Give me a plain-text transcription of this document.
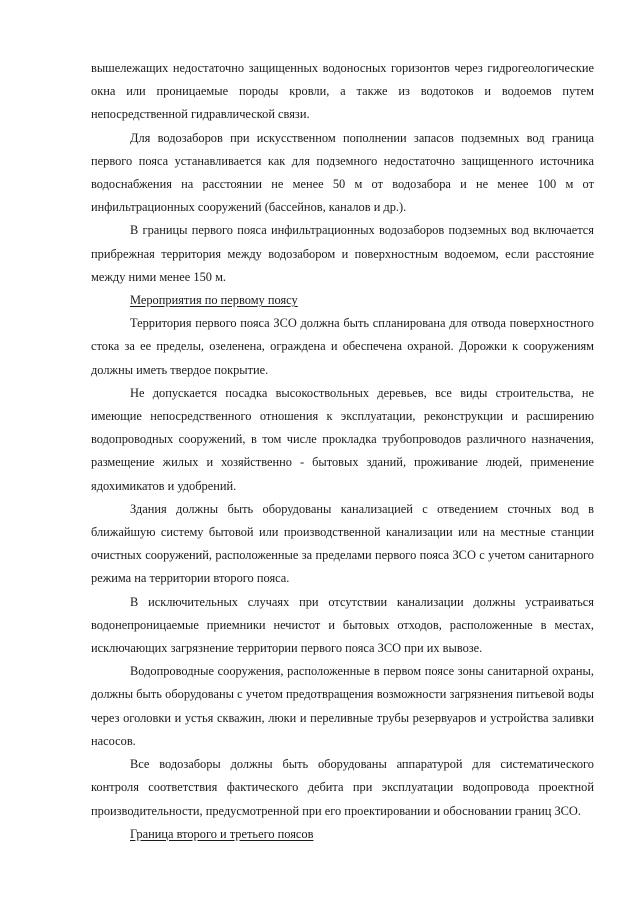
вышележащих недостаточно защищенных водоносных горизонтов через гидрогеологические окна или проницаемые породы кровли, а также из водотоков и водоемов путем непосредственной гидравлической связи.

Для водозаборов при искусственном пополнении запасов подземных вод граница первого пояса устанавливается как для подземного недостаточно защищенного источника водоснабжения на расстоянии не менее 50 м от водозабора и не менее 100 м от инфильтрационных сооружений (бассейнов, каналов и др.).

В границы первого пояса инфильтрационных водозаборов подземных вод включается прибрежная территория между водозабором и поверхностным водоемом, если расстояние между ними менее 150 м.

Мероприятия по первому поясу

Территория первого пояса ЗСО должна быть спланирована для отвода поверхностного стока за ее пределы, озеленена, ограждена и обеспечена охраной. Дорожки к сооружениям должны иметь твердое покрытие.

Не допускается посадка высокоствольных деревьев, все виды строительства, не имеющие непосредственного отношения к эксплуатации, реконструкции и расширению водопроводных сооружений, в том числе прокладка трубопроводов различного назначения, размещение жилых и хозяйственно - бытовых зданий, проживание людей, применение ядохимикатов и удобрений.

Здания должны быть оборудованы канализацией с отведением сточных вод в ближайшую систему бытовой или производственной канализации или на местные станции очистных сооружений, расположенные за пределами первого пояса ЗСО с учетом санитарного режима на территории второго пояса.

В исключительных случаях при отсутствии канализации должны устраиваться водонепроницаемые приемники нечистот и бытовых отходов, расположенные в местах, исключающих загрязнение территории первого пояса ЗСО при их вывозе.

Водопроводные сооружения, расположенные в первом поясе зоны санитарной охраны, должны быть оборудованы с учетом предотвращения возможности загрязнения питьевой воды через оголовки и устья скважин, люки и переливные трубы резервуаров и устройства заливки насосов.

Все водозаборы должны быть оборудованы аппаратурой для систематического контроля соответствия фактического дебита при эксплуатации водопровода проектной производительности, предусмотренной при его проектировании и обосновании границ ЗСО.

Граница второго и третьего поясов
